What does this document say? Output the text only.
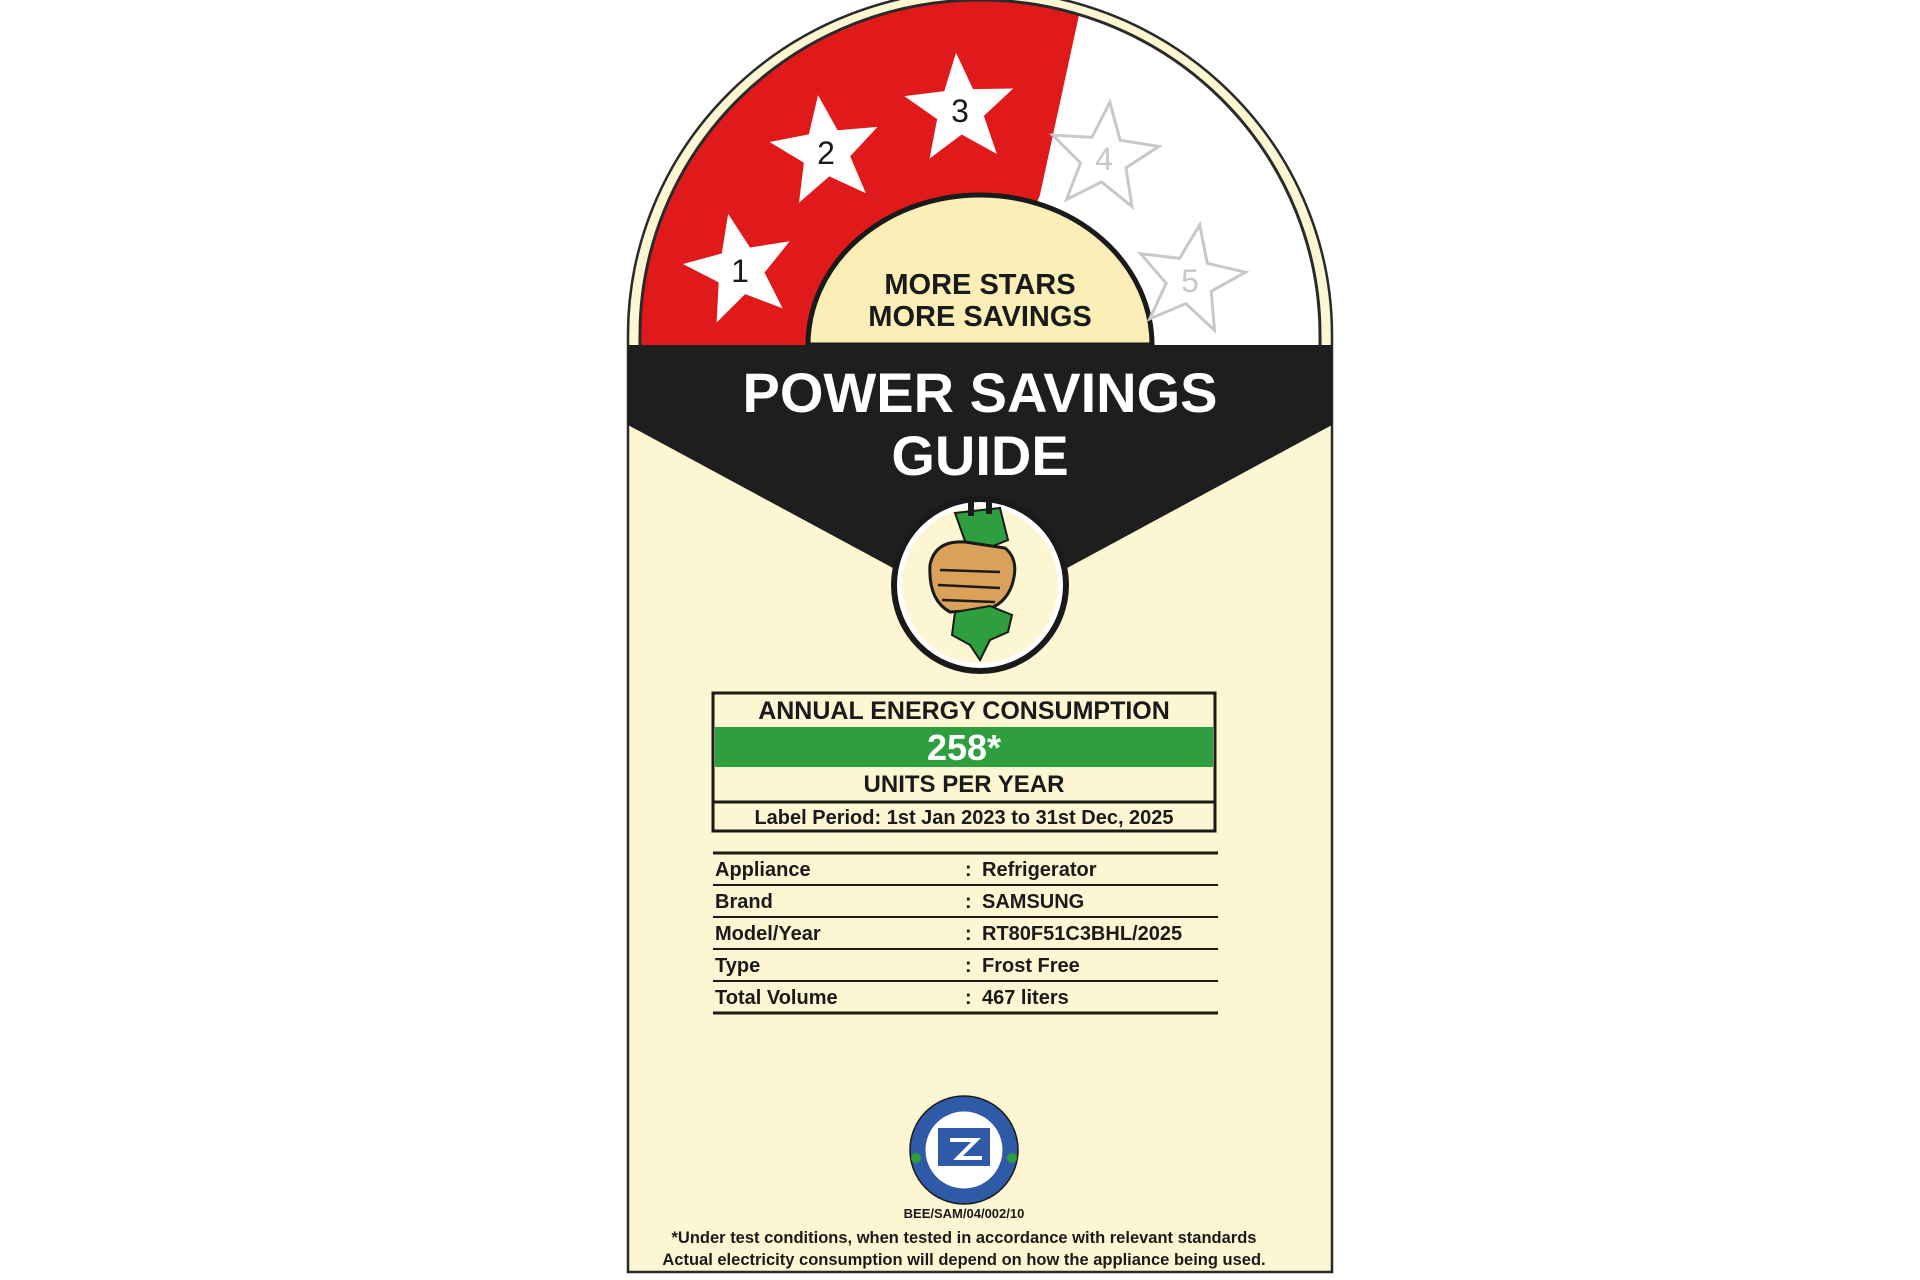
MORE STARS
MORE SAVINGS
1
2
3
4
5
POWER SAVINGS
GUIDE
ANNUAL ENERGY CONSUMPTION
258*
UNITS PER YEAR
Label Period: 1st Jan 2023 to 31st Dec, 2025
Appliance	: Refrigerator
Brand	: SAMSUNG
Model/Year	: RT80F51C3BHL/2025
Type	: Frost Free
Total Volume	: 467 liters
BEE/SAM/04/002/10
*Under test conditions, when tested in accordance with relevant standards
Actual electricity consumption will depend on how the appliance being used.
